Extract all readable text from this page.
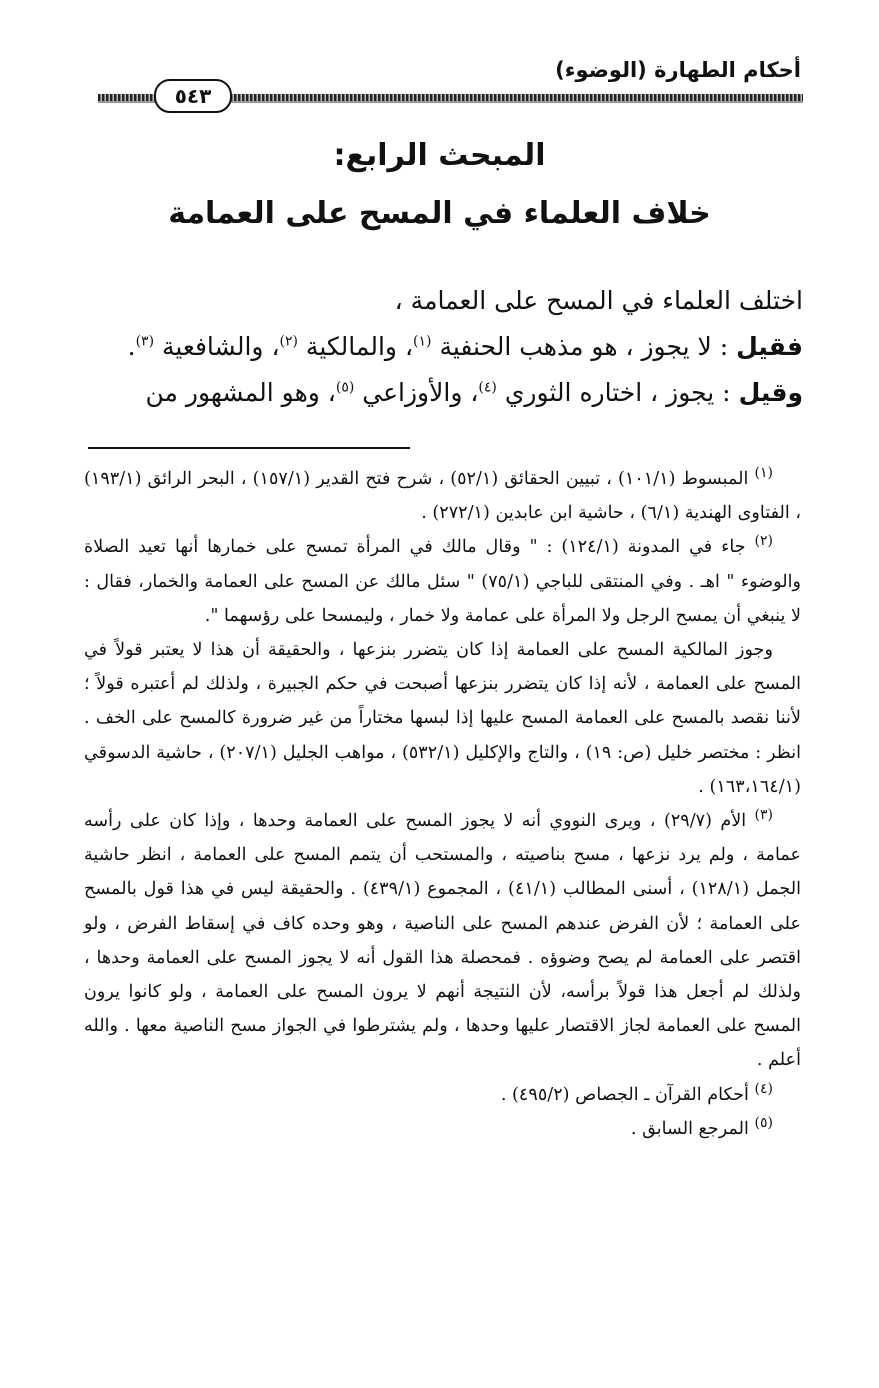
أحكام الطهارة (الوضوء)
٥٤٣
المبحث الرابع:
خلاف العلماء في المسح على العمامة

اختلف العلماء في المسح على العمامة ،

فقيل : لا يجوز ، هو مذهب الحنفية $^{(١)}$، والمالكية $^{(٢)}$، والشافعية $^{(٣)}$.

وقيل : يجوز ، اختاره الثوري $^{(٤)}$، والأوزاعي $^{(٥)}$، وهو المشهور من

$^{(١)}$ المبسوط (١٠١/١) ، تبيين الحقائق (٥٢/١) ، شرح فتح القدير (١٥٧/١) ، البحر الرائق (١٩٣/١) ، الفتاوى الهندية (٦/١) ، حاشية ابن عابدين (٢٧٢/١) .

$^{(٢)}$ جاء في المدونة (١٢٤/١) : " وقال مالك في المرأة تمسح على خمارها أنها تعيد الصلاة والوضوء " اهـ . وفي المنتقى للباجي (٧٥/١) " سئل مالك عن المسح على العمامة والخمار، فقال : لا ينبغي أن يمسح الرجل ولا المرأة على عمامة ولا خمار ، وليمسحا على رؤسهما ".

وجوز المالكية المسح على العمامة إذا كان يتضرر بنزعها ، والحقيقة أن هذا لا يعتبر قولاً في المسح على العمامة ، لأنه إذا كان يتضرر بنزعها أصبحت في حكم الجبيرة ، ولذلك لم أعتبره قولاً ؛ لأننا نقصد بالمسح على العمامة المسح عليها إذا لبسها مختاراً من غير ضرورة كالمسح على الخف . انظر : مختصر خليل (ص: ١٩) ، والتاج والإكليل (٥٣٢/١) ، مواهب الجليل (٢٠٧/١) ، حاشية الدسوقي (١٦٣،١٦٤/١) .

$^{(٣)}$ الأم (٢٩/٧) ، ويرى النووي أنه لا يجوز المسح على العمامة وحدها ، وإذا كان على رأسه عمامة ، ولم يرد نزعها ، مسح بناصيته ، والمستحب أن يتمم المسح على العمامة ، انظر حاشية الجمل (١٢٨/١) ، أسنى المطالب (٤١/١) ، المجموع (٤٣٩/١) . والحقيقة ليس في هذا قول بالمسح على العمامة ؛ لأن الفرض عندهم المسح على الناصية ، وهو وحده كاف في إسقاط الفرض ، ولو اقتصر على العمامة لم يصح وضوؤه . فمحصلة هذا القول أنه لا يجوز المسح على العمامة وحدها ، ولذلك لم أجعل هذا قولاً برأسه، لأن النتيجة أنهم لا يرون المسح على العمامة ، ولو كانوا يرون المسح على العمامة لجاز الاقتصار عليها وحدها ، ولم يشترطوا في الجواز مسح الناصية معها . والله أعلم .

$^{(٤)}$ أحكام القرآن ـ الجصاص (٤٩٥/٢) .

$^{(٥)}$ المرجع السابق .
